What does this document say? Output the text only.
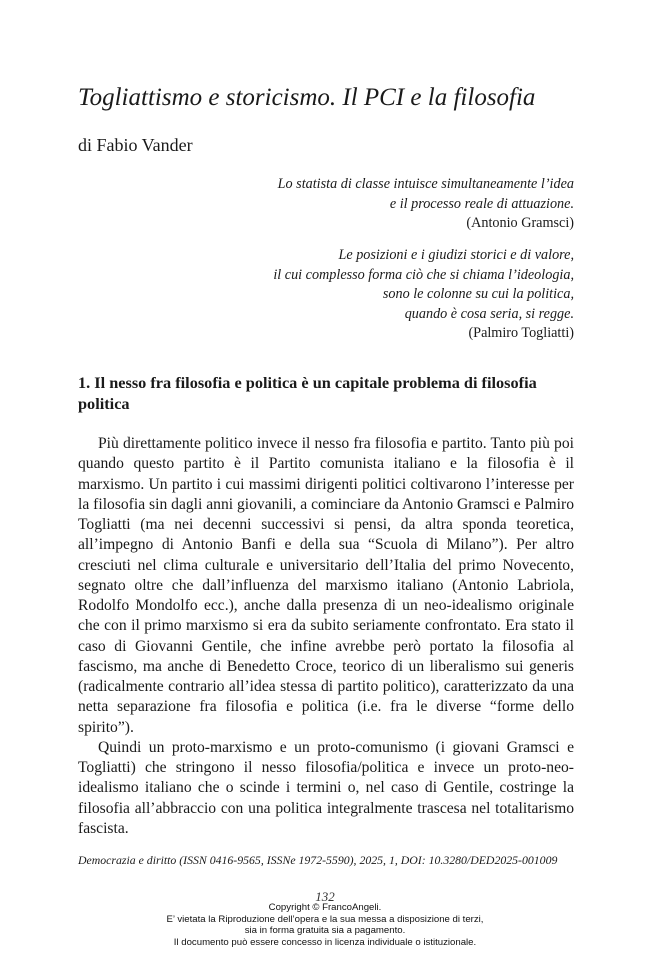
Togliattismo e storicismo. Il PCI e la filosofia

di Fabio Vander

Lo statista di classe intuisce simultaneamente l’idea
e il processo reale di attuazione.
(Antonio Gramsci)
Le posizioni e i giudizi storici e di valore,
il cui complesso forma ciò che si chiama l’ideologia,
sono le colonne su cui la politica,
quando è cosa seria, si regge.
(Palmiro Togliatti)
1. Il nesso fra filosofia e politica è un capitale problema di filosofia politica

Più direttamente politico invece il nesso fra filosofia e partito. Tanto più poi quando questo partito è il Partito comunista italiano e la filosofia è il marxismo. Un partito i cui massimi dirigenti politici coltivarono l’interesse per la filosofia sin dagli anni giovanili, a cominciare da Antonio Gramsci e Palmiro Togliatti (ma nei decenni successivi si pensi, da altra sponda teoretica, all’impegno di Antonio Banfi e della sua “Scuola di Milano”). Per altro cresciuti nel clima culturale e universitario dell’Italia del primo Novecento, segnato oltre che dall’influenza del marxismo italiano (Antonio Labriola, Rodolfo Mondolfo ecc.), anche dalla presenza di un neo-idealismo originale che con il primo marxismo si era da subito seriamente confrontato. Era stato il caso di Giovanni Gentile, che infine avrebbe però portato la filosofia al fascismo, ma anche di Benedetto Croce, teorico di un liberalismo sui generis (radicalmente contrario all’idea stessa di partito politico), caratterizzato da una netta separazione fra filosofia e politica (i.e. fra le diverse “forme dello spirito”).

Quindi un proto-marxismo e un proto-comunismo (i giovani Gramsci e Togliatti) che stringono il nesso filosofia/politica e invece un proto-neo-idealismo italiano che o scinde i termini o, nel caso di Gentile, costringe la filosofia all’abbraccio con una politica integralmente trascesa nel totalitarismo fascista.

Democrazia e diritto (ISSN 0416-9565, ISSNe 1972-5590), 2025, 1, DOI: 10.3280/DED2025-001009
132
Copyright © FrancoAngeli.
E’ vietata la Riproduzione dell’opera e la sua messa a disposizione di terzi,
sia in forma gratuita sia a pagamento.
Il documento può essere concesso in licenza individuale o istituzionale.
